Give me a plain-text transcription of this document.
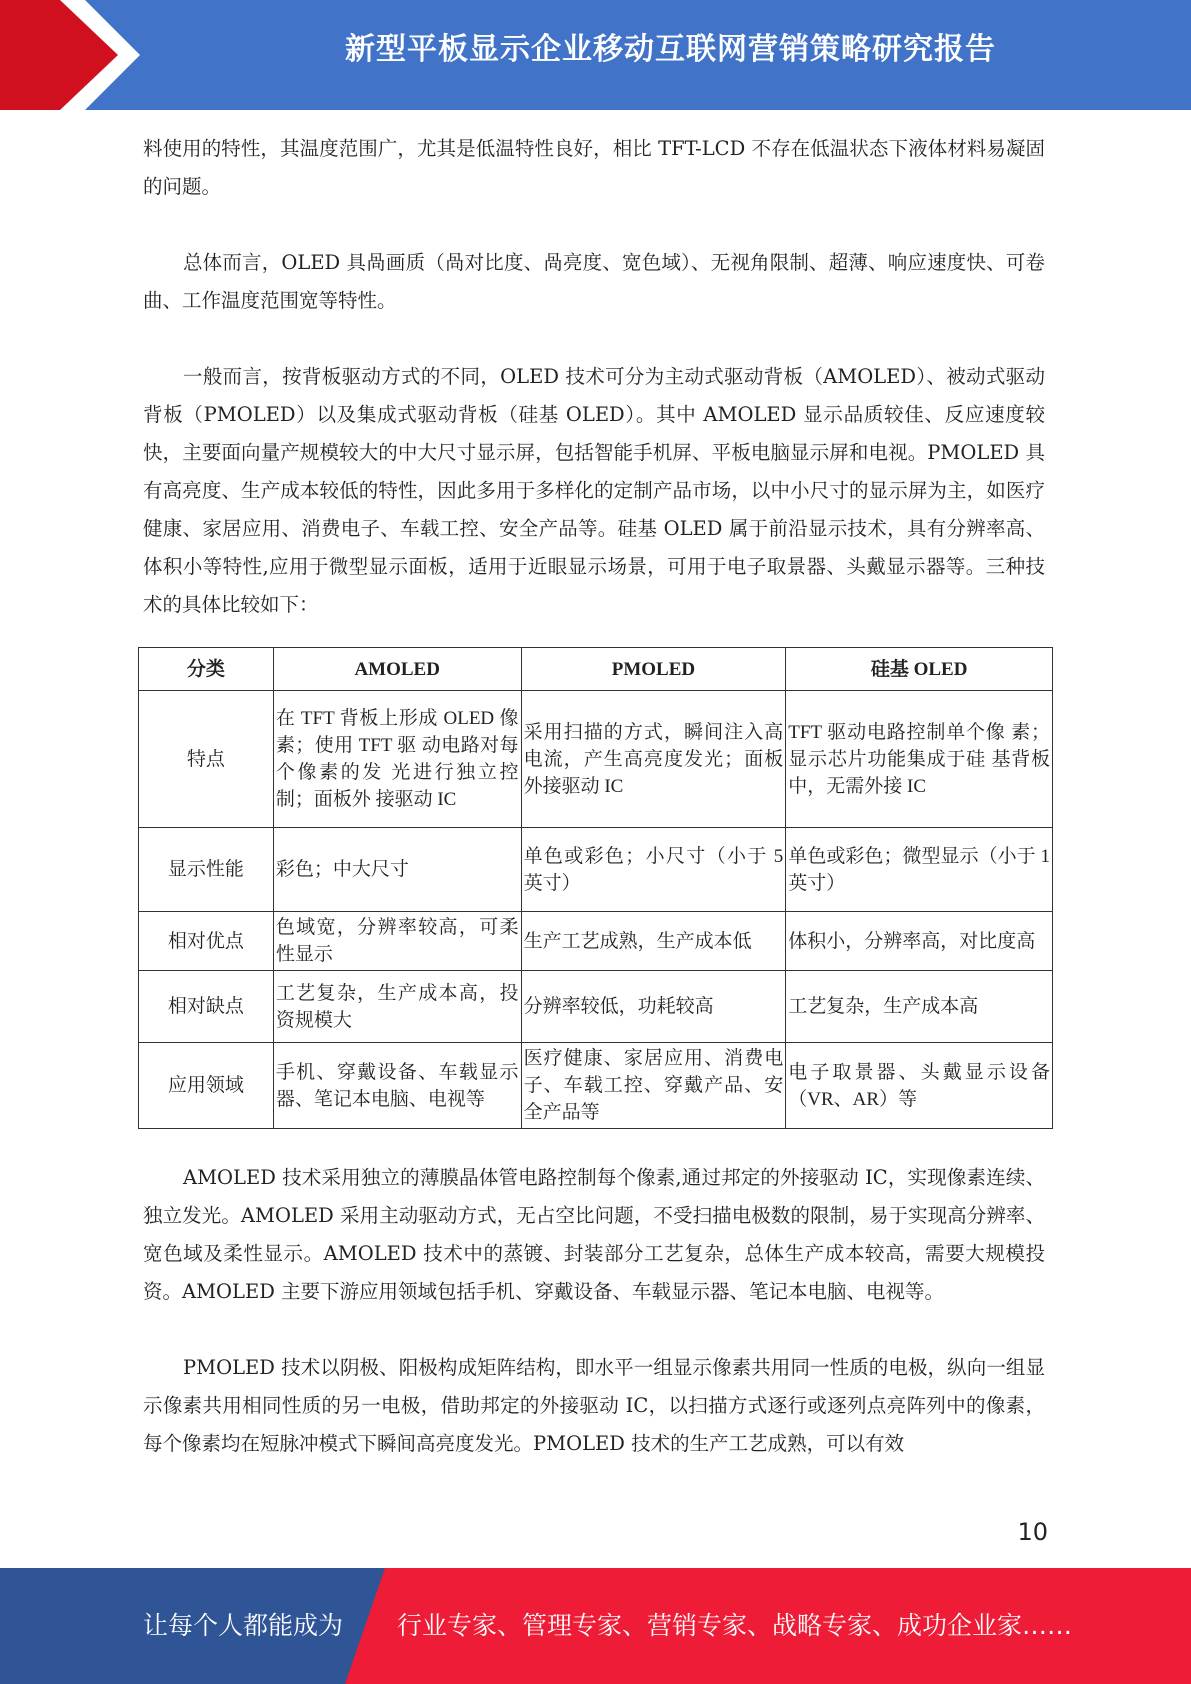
新型平板显示企业移动互联网营销策略研究报告

料使用的特性，其温度范围广，尤其是低温特性良好，相比 TFT-LCD 不存在低温状态下液体材料易凝固的问题。

总体而言，OLED 具咼画质（咼对比度、咼亮度、宽色域）、无视角限制、超薄、响应速度快、可卷曲、工作温度范围宽等特性。

一般而言，按背板驱动方式的不同，OLED 技术可分为主动式驱动背板（AMOLED）、被动式驱动背板（PMOLED）以及集成式驱动背板（硅基 OLED）。其中 AMOLED 显示品质较佳、反应速度较快，主要面向量产规模较大的中大尺寸显示屏，包括智能手机屏、平板电脑显示屏和电视。PMOLED 具有高亮度、生产成本较低的特性，因此多用于多样化的定制产品市场，以中小尺寸的显示屏为主，如医疗健康、家居应用、消费电子、车载工控、安全产品等。硅基 OLED 属于前沿显示技术，具有分辨率高、体积小等特性,应用于微型显示面板，适用于近眼显示场景，可用于电子取景器、头戴显示器等。三种技术的具体比较如下：

分类	AMOLED	PMOLED	硅基 OLED
特点	在 TFT 背板上形成 OLED 像素；使用 TFT 驱 动电路对每个像素的发 光进行独立控制；面板外 接驱动 IC	采用扫描的方式，瞬间注入高电流，产生高亮度发光；面板外接驱动 IC	TFT 驱动电路控制单个像 素；显示芯片功能集成于硅 基背板中，无需外接 IC
显示性能	彩色；中大尺寸	单色或彩色；小尺寸（小于 5 英寸）	单色或彩色；微型显示（小于 1 英寸）
相对优点	色域宽，分辨率较高，可柔性显示	生产工艺成熟，生产成本低	体积小，分辨率高，对比度高
相对缺点	工艺复杂，生产成本高，投资规模大	分辨率较低，功耗较高	工艺复杂，生产成本高
应用领域	手机、穿戴设备、车载显示器、笔记本电脑、电视等	医疗健康、家居应用、消费电子、车载工控、穿戴产品、安全产品等	电子取景器、头戴显示设备（VR、AR）等

AMOLED 技术采用独立的薄膜晶体管电路控制每个像素,通过邦定的外接驱动 IC，实现像素连续、独立发光。AMOLED 采用主动驱动方式，无占空比问题，不受扫描电极数的限制，易于实现高分辨率、宽色域及柔性显示。AMOLED 技术中的蒸镀、封装部分工艺复杂，总体生产成本较高，需要大规模投资。AMOLED 主要下游应用领域包括手机、穿戴设备、车载显示器、笔记本电脑、电视等。

PMOLED 技术以阴极、阳极构成矩阵结构，即水平一组显示像素共用同一性质的电极，纵向一组显示像素共用相同性质的另一电极，借助邦定的外接驱动 IC，以扫描方式逐行或逐列点亮阵列中的像素，每个像素均在短脉冲模式下瞬间高亮度发光。PMOLED 技术的生产工艺成熟，可以有效

10
让每个人都能成为 行业专家、管理专家、营销专家、战略专家、成功企业家……
